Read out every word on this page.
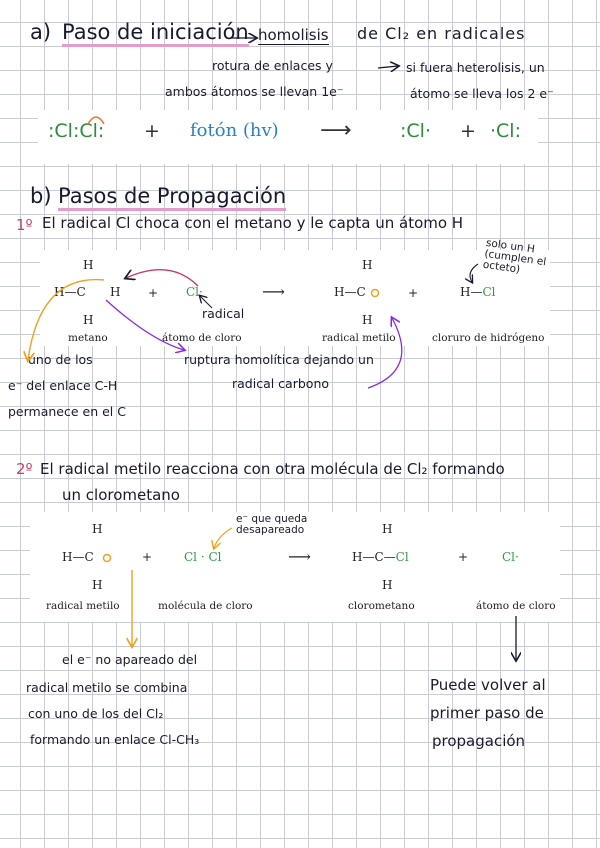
a) Paso de iniciación homolisis de Cl₂ en radicales
rotura de enlaces y
ambos átomos se llevan 1e⁻
si fuera heterolisis, un
átomo se lleva los 2 e⁻
:Cl:Cl: + fotón (hv) ⟶	:Cl· + ·Cl:
b) Pasos de Propagación
1º El radical Cl choca con el metano y le capta un átomo H
H
H—C H
H
+ Cl·	⟶
H
H—C
H
+	H—Cl
metano	átomo de cloro	radical metilo	cloruro de hidrógeno
radical
solo un H (cumplen el octeto)
uno de los
e⁻ del enlace C-H
permanece en el C
ruptura homolítica dejando un
radical carbono
2º El radical metilo reacciona con otra molécula de Cl₂ formando
un clorometano
H
H—C
H
+	Cl · Cl	⟶
H
H—C—Cl
H
+	Cl·
radical metilo	molécula de cloro	clorometano	átomo de cloro
e⁻ que queda desapareado
el e⁻ no apareado del
radical metilo se combina
con uno de los del Cl₂
formando un enlace Cl-CH₃
Puede volver al
primer paso de
propagación
